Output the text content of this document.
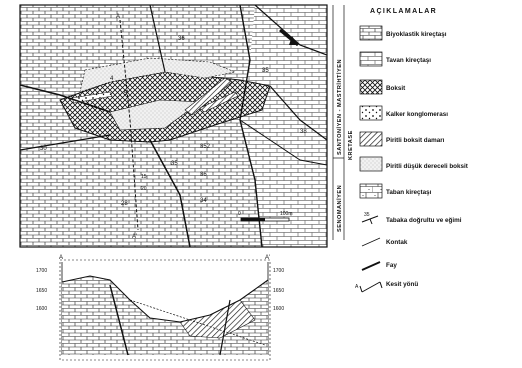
36
35
38
30
35
34
28
4
5
352
15
20
36
A
A'
0	100m
SANTONİYEN - MASTRİHTİYEN
SENOMANİYEN
KRETASE
AÇIKLAMALAR
Biyoklastik kireçtaşı
Tavan kireçtaşı
Boksit
Kalker konglomerası
Piritli boksit damarı
Piritli düşük dereceli boksit
Taban kireçtaşı
35
Tabaka doğrultu ve eğimi
Kontak
Fay
A	Kesit yönü
A
1700
1650
1600
A'
1700
1650
1600
